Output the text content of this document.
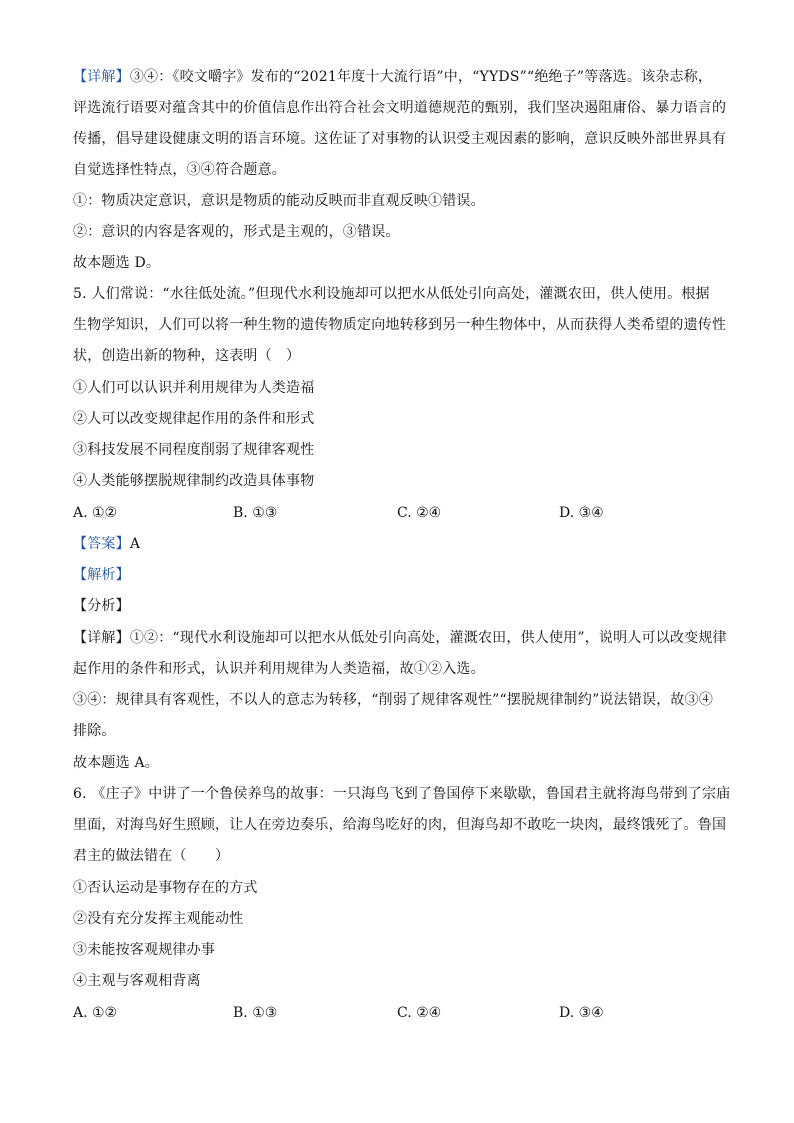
【详解】③④：《咬文嚼字》发布的“2021年度十大流行语”中，“YYDS”“绝绝子”等落选。该杂志称，
评选流行语要对蕴含其中的价值信息作出符合社会文明道德规范的甄别，我们坚决遏阻庸俗、暴力语言的
传播，倡导建设健康文明的语言环境。这佐证了对事物的认识受主观因素的影响，意识反映外部世界具有
自觉选择性特点，③④符合题意。
①：物质决定意识，意识是物质的能动反映而非直观反映①错误。
②：意识的内容是客观的，形式是主观的，③错误。
故本题选 D。
5. 人们常说：“水往低处流。”但现代水利设施却可以把水从低处引向高处，灌溉农田，供人使用。根据
生物学知识，人们可以将一种生物的遗传物质定向地转移到另一种生物体中，从而获得人类希望的遗传性
状，创造出新的物种，这表明（　）
①人们可以认识并利用规律为人类造福
②人可以改变规律起作用的条件和形式
③科技发展不同程度削弱了规律客观性
④人类能够摆脱规律制约改造具体事物
A. ①②	B. ①③	C. ②④	D. ③④
【答案】A
【解析】
【分析】
【详解】①②：“现代水利设施却可以把水从低处引向高处，灌溉农田，供人使用”，说明人可以改变规律
起作用的条件和形式，认识并利用规律为人类造福，故①②入选。
③④：规律具有客观性，不以人的意志为转移，“削弱了规律客观性”“摆脱规律制约”说法错误，故③④
排除。
故本题选 A。
6. 《庄子》中讲了一个鲁侯养鸟的故事：一只海鸟飞到了鲁国停下来歇歇，鲁国君主就将海鸟带到了宗庙
里面，对海鸟好生照顾，让人在旁边奏乐，给海鸟吃好的肉，但海鸟却不敢吃一块肉，最终饿死了。鲁国
君主的做法错在（　　）
①否认运动是事物存在的方式
②没有充分发挥主观能动性
③未能按客观规律办事
④主观与客观相背离
A. ①②	B. ①③	C. ②④	D. ③④
